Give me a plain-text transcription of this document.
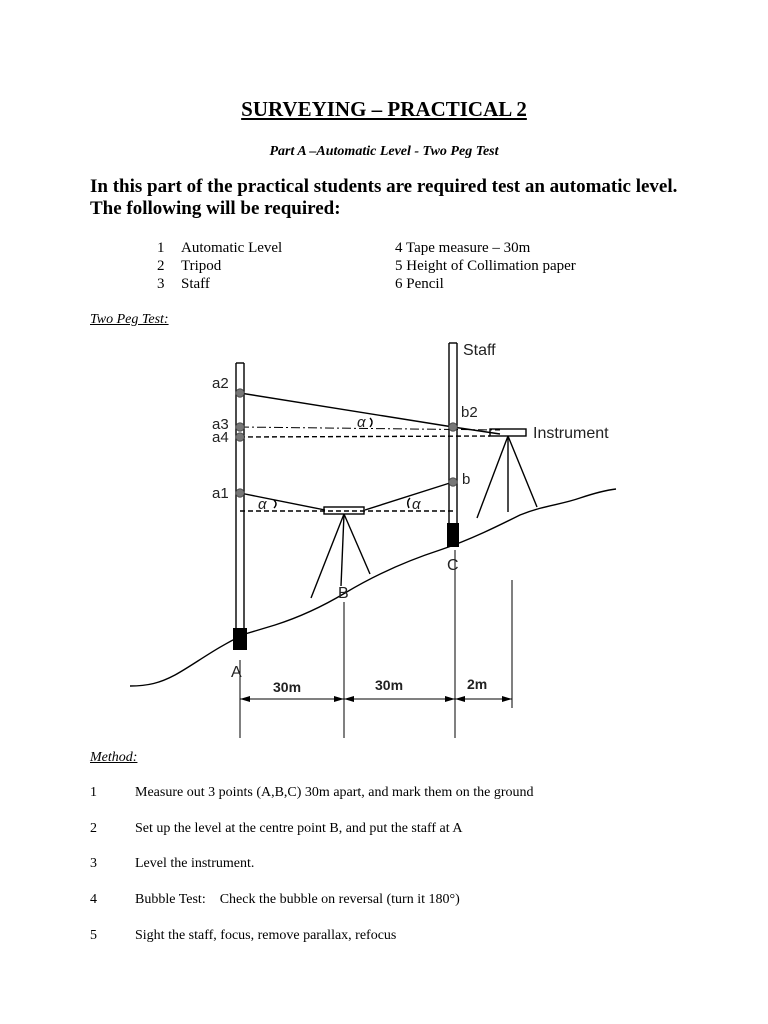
SURVEYING – PRACTICAL 2
Part A –Automatic Level - Two Peg Test
In this part of the practical students are required test an automatic level. The following will be required:
1 Automatic Level
2 Tripod
3 Staff
4 Tape measure – 30m
5 Height of Collimation paper
6 Pencil
Two Peg Test:
Staff
Instrument
a2
a3
a4
a1
b2
b
α	α
α
A
B
C
30m	30m	2m
Method:
1	Measure out 3 points (A,B,C) 30m apart, and mark them on the ground
2	Set up the level at the centre point B, and put the staff at A
3	Level the instrument.
4	Bubble Test:    Check the bubble on reversal (turn it 180°)
5	Sight the staff, focus, remove parallax, refocus
